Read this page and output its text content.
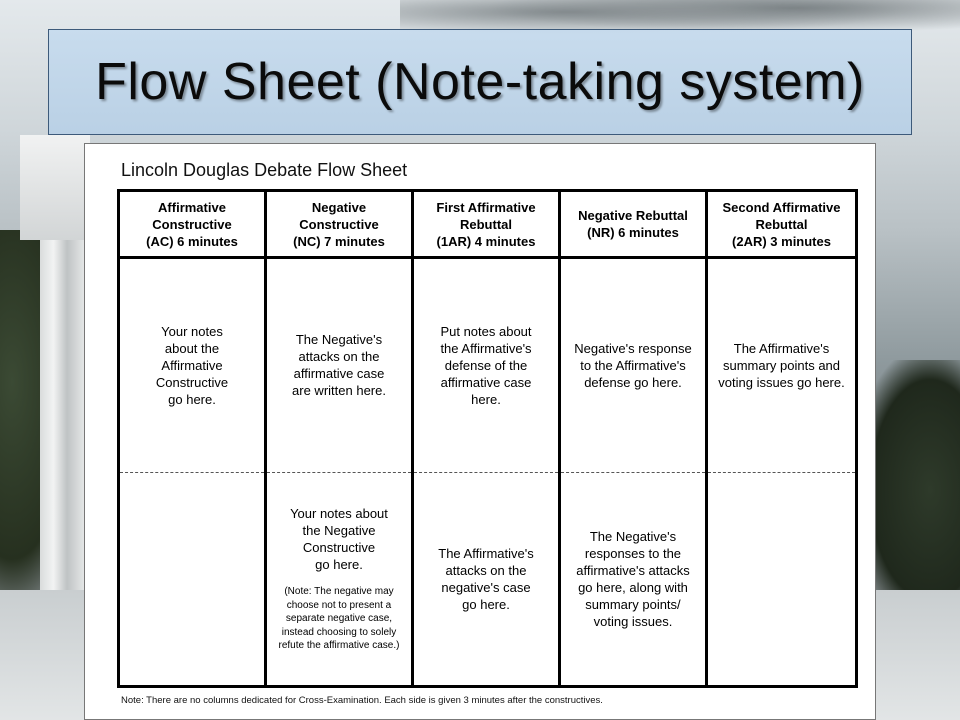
Flow Sheet (Note-taking system)
Lincoln Douglas Debate Flow Sheet
Affirmative
Constructive
(AC) 6 minutes
Negative
Constructive
(NC) 7 minutes
First Affirmative
Rebuttal
(1AR) 4 minutes
Negative Rebuttal
(NR) 6 minutes
Second Affirmative
Rebuttal
(2AR) 3 minutes
Your notes
about the
Affirmative
Constructive
go here.
The Negative's
attacks on the
affirmative case
are written here.
Your notes about
the Negative
Constructive
go here.
(Note: The negative may
choose not to present a
separate negative case,
instead choosing to solely
refute the affirmative case.)
Put notes about
the Affirmative's
defense of the
affirmative case
here.
The Affirmative's
attacks on the
negative's case
go here.
Negative's response
to the Affirmative's
defense go here.
The Negative's
responses to the
affirmative's attacks
go here, along with
summary points/
voting issues.
The Affirmative's
summary points and
voting issues go here.
Note: There are no columns dedicated for Cross-Examination. Each side is given 3 minutes after the constructives.
